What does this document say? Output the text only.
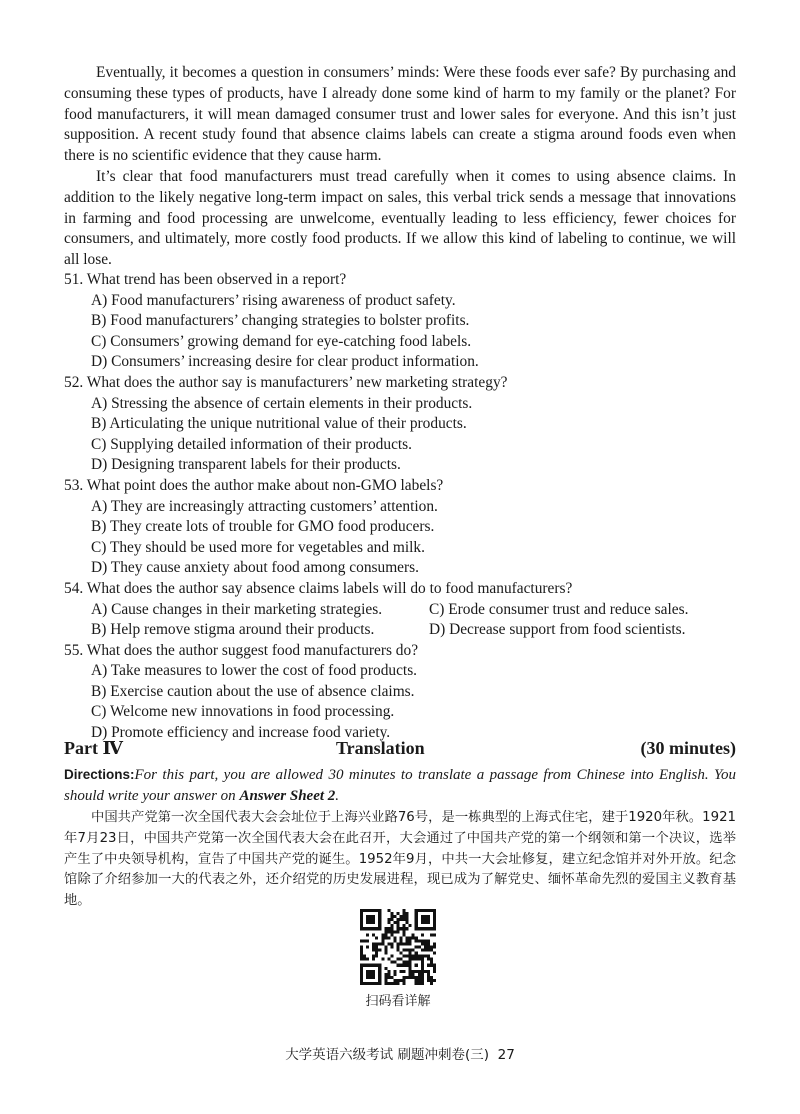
Eventually, it becomes a question in consumers’ minds: Were these foods ever safe? By purchasing and consuming these types of products, have I already done some kind of harm to my family or the planet? For food manufacturers, it will mean damaged consumer trust and lower sales for everyone. And this isn’t just supposition. A recent study found that absence claims labels can create a stigma around foods even when there is no scientific evidence that they cause harm.

It’s clear that food manufacturers must tread carefully when it comes to using absence claims. In addition to the likely negative long-term impact on sales, this verbal trick sends a message that innovations in farming and food processing are unwelcome, eventually leading to less efficiency, fewer choices for consumers, and ultimately, more costly food products. If we allow this kind of labeling to continue, we will all lose.

51. What trend has been observed in a report?
A) Food manufacturers’ rising awareness of product safety.
B) Food manufacturers’ changing strategies to bolster profits.
C) Consumers’ growing demand for eye-catching food labels.
D) Consumers’ increasing desire for clear product information.
52. What does the author say is manufacturers’ new marketing strategy?
A) Stressing the absence of certain elements in their products.
B) Articulating the unique nutritional value of their products.
C) Supplying detailed information of their products.
D) Designing transparent labels for their products.
53. What point does the author make about non-GMO labels?
A) They are increasingly attracting customers’ attention.
B) They create lots of trouble for GMO food producers.
C) They should be used more for vegetables and milk.
D) They cause anxiety about food among consumers.
54. What does the author say absence claims labels will do to food manufacturers?
A) Cause changes in their marketing strategies.	C) Erode consumer trust and reduce sales.
B) Help remove stigma around their products.	D) Decrease support from food scientists.
55. What does the author suggest food manufacturers do?
A) Take measures to lower the cost of food products.
B) Exercise caution about the use of absence claims.
C) Welcome new innovations in food processing.
D) Promote efficiency and increase food variety.
Part Ⅳ	Translation	(30 minutes)

Directions:For this part, you are allowed 30 minutes to translate a passage from Chinese into English. You should write your answer on Answer Sheet 2.

中国共产党第一次全国代表大会会址位于上海兴业路76号，是一栋典型的上海式住宅，建于1920年秋。1921年7月23日，中国共产党第一次全国代表大会在此召开，大会通过了中国共产党的第一个纲领和第一个决议，选举产生了中央领导机构，宣告了中国共产党的诞生。1952年9月，中共一大会址修复，建立纪念馆并对外开放。纪念馆除了介绍参加一大的代表之外，还介绍党的历史发展进程，现已成为了解党史、缅怀革命先烈的爱国主义教育基地。

扫码看详解
大学英语六级考试 刷题冲刺卷(三) 27
